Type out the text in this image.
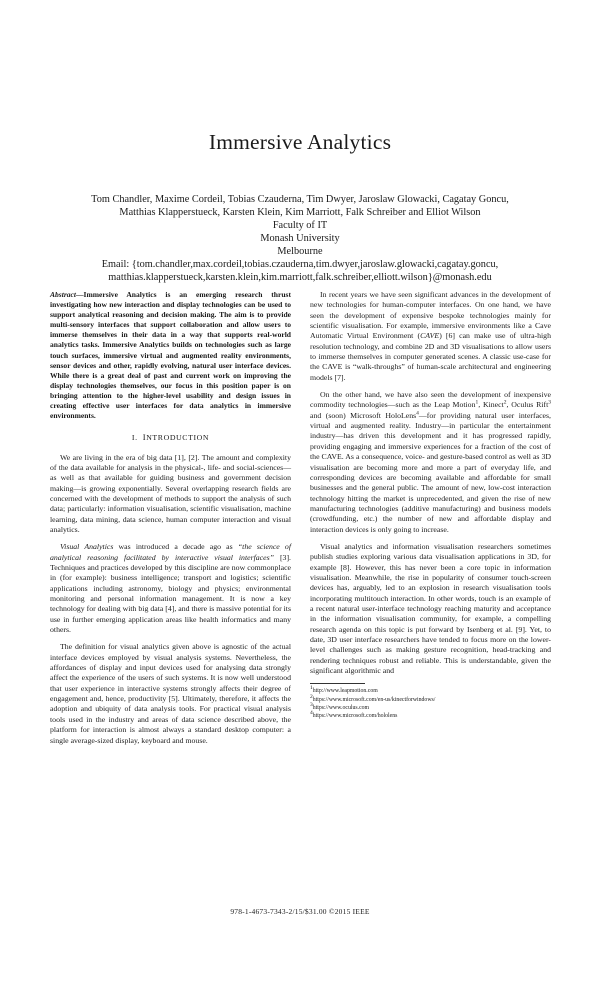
Immersive Analytics
Tom Chandler, Maxime Cordeil, Tobias Czauderna, Tim Dwyer, Jaroslaw Glowacki, Cagatay Goncu,
Matthias Klapperstueck, Karsten Klein, Kim Marriott, Falk Schreiber and Elliot Wilson
Faculty of IT
Monash University
Melbourne
Email: {tom.chandler,max.cordeil,tobias.czauderna,tim.dwyer,jaroslaw.glowacki,cagatay.goncu,
matthias.klapperstueck,karsten.klein,kim.marriott,falk.schreiber,elliott.wilson}@monash.edu

Abstract—Immersive Analytics is an emerging research thrust investigating how new interaction and display technologies can be used to support analytical reasoning and decision making. The aim is to provide multi-sensory interfaces that support collaboration and allow users to immerse themselves in their data in a way that supports real-world analytics tasks. Immersive Analytics builds on technologies such as large touch surfaces, immersive virtual and augmented reality environments, sensor devices and other, rapidly evolving, natural user interface devices. While there is a great deal of past and current work on improving the display technologies themselves, our focus in this position paper is on bringing attention to the higher-level usability and design issues in creating effective user interfaces for data analytics in immersive environments.

I. INTRODUCTION

We are living in the era of big data [1], [2]. The amount and complexity of the data available for analysis in the physical-, life- and social-sciences—as well as that available for guiding business and government decision making—is growing exponentially. Several overlapping research fields are concerned with the development of methods to support the analysis of such data; particularly: information visualisation, scientific visualisation, machine learning, data mining, data science, human computer interaction and visual analytics.

Visual Analytics was introduced a decade ago as “the science of analytical reasoning facilitated by interactive visual interfaces” [3]. Techniques and practices developed by this discipline are now commonplace in (for example): business intelligence; transport and logistics; scientific applications including astronomy, biology and physics; environmental monitoring and personal information management. It is now a key technology for dealing with big data [4], and there is massive potential for its use in further emerging application areas like health informatics and many others.

The definition for visual analytics given above is agnostic of the actual interface devices employed by visual analysis systems. Nevertheless, the affordances of display and input devices used for analysing data strongly affect the experience of the users of such systems. It is now well understood that user experience in interactive systems strongly affects their degree of engagement and, hence, productivity [5]. Ultimately, therefore, it affects the adoption and ubiquity of data analysis tools. For practical visual analysis tools used in the industry and areas of data science described above, the platform for interaction is almost always a standard desktop computer: a single average-sized display, keyboard and mouse.

In recent years we have seen significant advances in the development of new technologies for human-computer interfaces. On one hand, we have seen the development of expensive bespoke technologies mainly for scientific visualisation. For example, immersive environments like a Cave Automatic Virtual Environment (CAVE) [6] can make use of ultra-high resolution technology, and combine 2D and 3D visualisations to allow users to immerse themselves in computer generated scenes. A classic use-case for the CAVE is “walk-throughs” of human-scale architectural and engineering models [7].

On the other hand, we have also seen the development of inexpensive commodity technologies—such as the Leap Motion$^1$, Kinect$^2$, Oculus Rift$^3$ and (soon) Microsoft HoloLens$^4$—for providing natural user interfaces, virtual and augmented reality. Industry—in particular the entertainment industry—has driven this development and it has progressed rapidly, providing engaging and immersive experiences for a fraction of the cost of the CAVE. As a consequence, voice- and gesture-based control as well as 3D visualisation are becoming more and more a part of everyday life, and corresponding devices are becoming available and affordable for small businesses and the general public. The amount of new, low-cost interaction technology hitting the market is unprecedented, and given the rise of new manufacturing technologies (additive manufacturing) and business models (crowdfunding, etc.) the number of new and affordable display and interaction devices is only going to increase.

Visual analytics and information visualisation researchers sometimes publish studies exploring various data visualisation applications in 3D, for example [8]. However, this has never been a core topic in information visualisation. Meanwhile, the rise in popularity of consumer touch-screen devices has, arguably, led to an explosion in research visualisation tools incorporating multitouch interaction. In other words, touch is an example of a recent natural user-interface technology reaching maturity and acceptance in the information visualisation community, for example, a compelling research agenda on this topic is put forward by Isenberg et al. [9]. Yet, to date, 3D user interface researchers have tended to focus more on the lower-level challenges such as making gesture recognition, head-tracking and rendering techniques robust and reliable. This is understandable, given the significant algorithmic and

$^1$http://www.leapmotion.com
$^2$https://www.microsoft.com/en-us/kinectforwindows/
$^3$https://www.oculus.com
$^4$https://www.microsoft.com/hololens
978-1-4673-7343-2/15/$31.00 ©2015 IEEE
